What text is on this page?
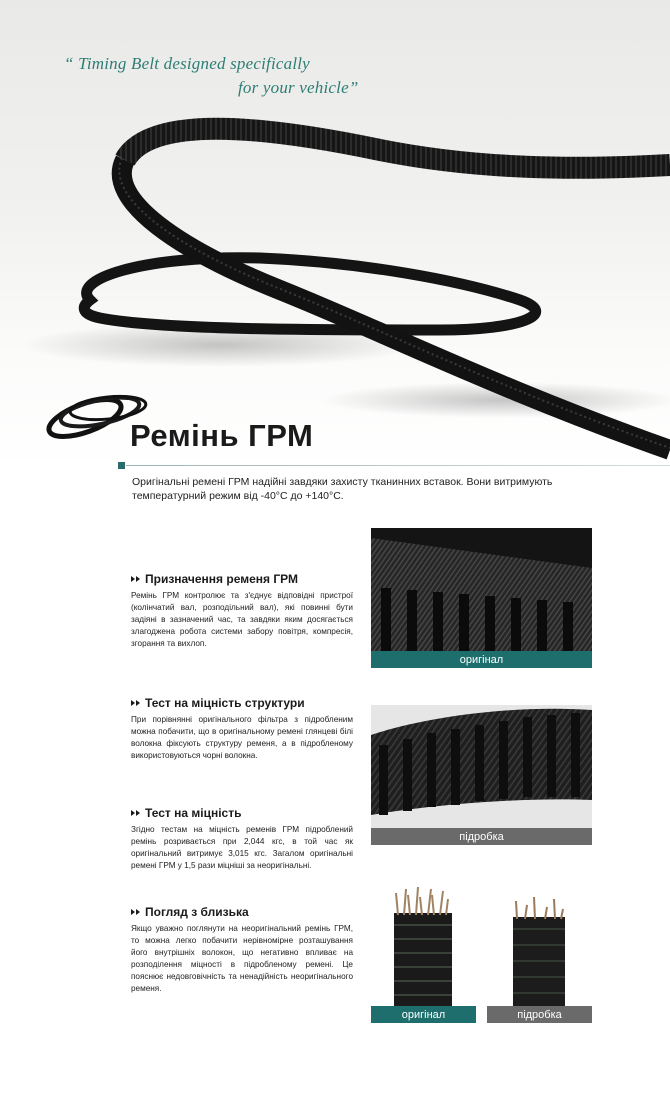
“ Timing Belt designed specifically
for your vehicle”
Ремінь ГРМ
Оригінальні ремені ГРМ надійні завдяки захисту тканинних вставок. Вони витримують температурний режим від -40°C до +140°C.
Призначення ременя ГРМ

Ремінь ГРМ контролює та з'єднує відповідні пристрої (колінчатий вал, розподільний вал), які повинні бути задіяні в зазначений час, та завдяки яким досягається злагоджена робота системи забору повітря, компресія, згорання та вихлоп.

Тест на міцність структури

При порівнянні оригінального фільтра з підробленим можна побачити, що в оригінальному ремені глянцеві білі волокна фіксують структуру ременя, а в підробленому використовуються чорні волокна.

Тест на міцність

Згідно тестам на міцність ременів ГРМ підроблений ремінь розривається при 2,044 кгс, в той час як оригінальний витримує 3,015 кгс. Загалом оригінальні ремені ГРМ у 1,5 рази міцніші за неоригінальні.

Погляд з близька

Якщо уважно поглянути на неоригінальний ремінь ГРМ, то можна легко побачити нерівномірне розташування його внутрішніх волокон, що негативно впливає на розподілення міцності в підробленому ремені. Це пояснює недовговічність та ненадійність неоригінального ременя.

оригінал
підробка
оригінал	підробка
